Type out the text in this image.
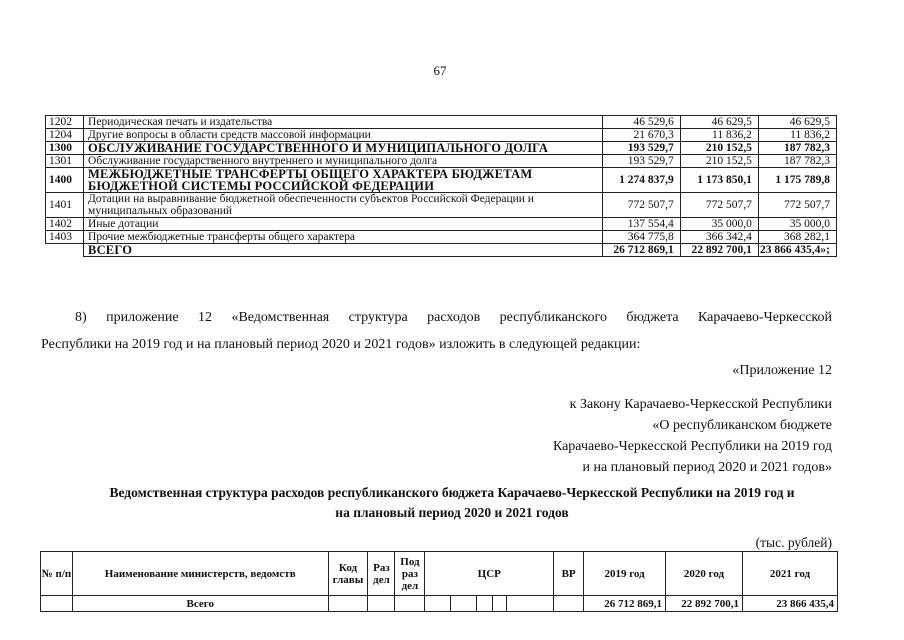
67
1202	Периодическая печать и издательства	46 529,6	46 629,5	46 629,5
1204	Другие вопросы в области средств массовой информации	21 670,3	11 836,2	11 836,2
1300	ОБСЛУЖИВАНИЕ ГОСУДАРСТВЕННОГО И МУНИЦИПАЛЬНОГО ДОЛГА	193 529,7	210 152,5	187 782,3
1301	Обслуживание государственного внутреннего и муниципального долга	193 529,7	210 152,5	187 782,3
1400	МЕЖБЮДЖЕТНЫЕ ТРАНСФЕРТЫ ОБЩЕГО ХАРАКТЕРА БЮДЖЕТАМ БЮДЖЕТНОЙ СИСТЕМЫ РОССИЙСКОЙ ФЕДЕРАЦИИ	1 274 837,9	1 173 850,1	1 175 789,8
1401	Дотации на выравнивание бюджетной обеспеченности субъектов Российской Федерации и муниципальных образований	772 507,7	772 507,7	772 507,7
1402	Иные дотации	137 554,4	35 000,0	35 000,0
1403	Прочие межбюджетные трансферты общего характера	364 775,8	366 342,4	368 282,1
	ВСЕГО	26 712 869,1	22 892 700,1	23 866 435,4»;
8) приложение 12 «Ведомственная структура расходов республиканского бюджета Карачаево-Черкесской
Республики на 2019 год и на плановый период 2020 и 2021 годов» изложить в следующей редакции:
«Приложение 12
к Закону Карачаево-Черкесской Республики
«О республиканском бюджете
Карачаево-Черкесской Республики на 2019 год
и на плановый период 2020 и 2021 годов»
Ведомственная структура расходов республиканского бюджета Карачаево-Черкесской Республики на 2019 год и
на плановый период 2020 и 2021 годов
(тыс. рублей)
№ п/п	Наименование министерств, ведомств	Код главы	Раз дел	Под раз дел	ЦСР					ВР	2019 год	2020 год	2021 год
	Всего										26 712 869,1	22 892 700,1	23 866 435,4
